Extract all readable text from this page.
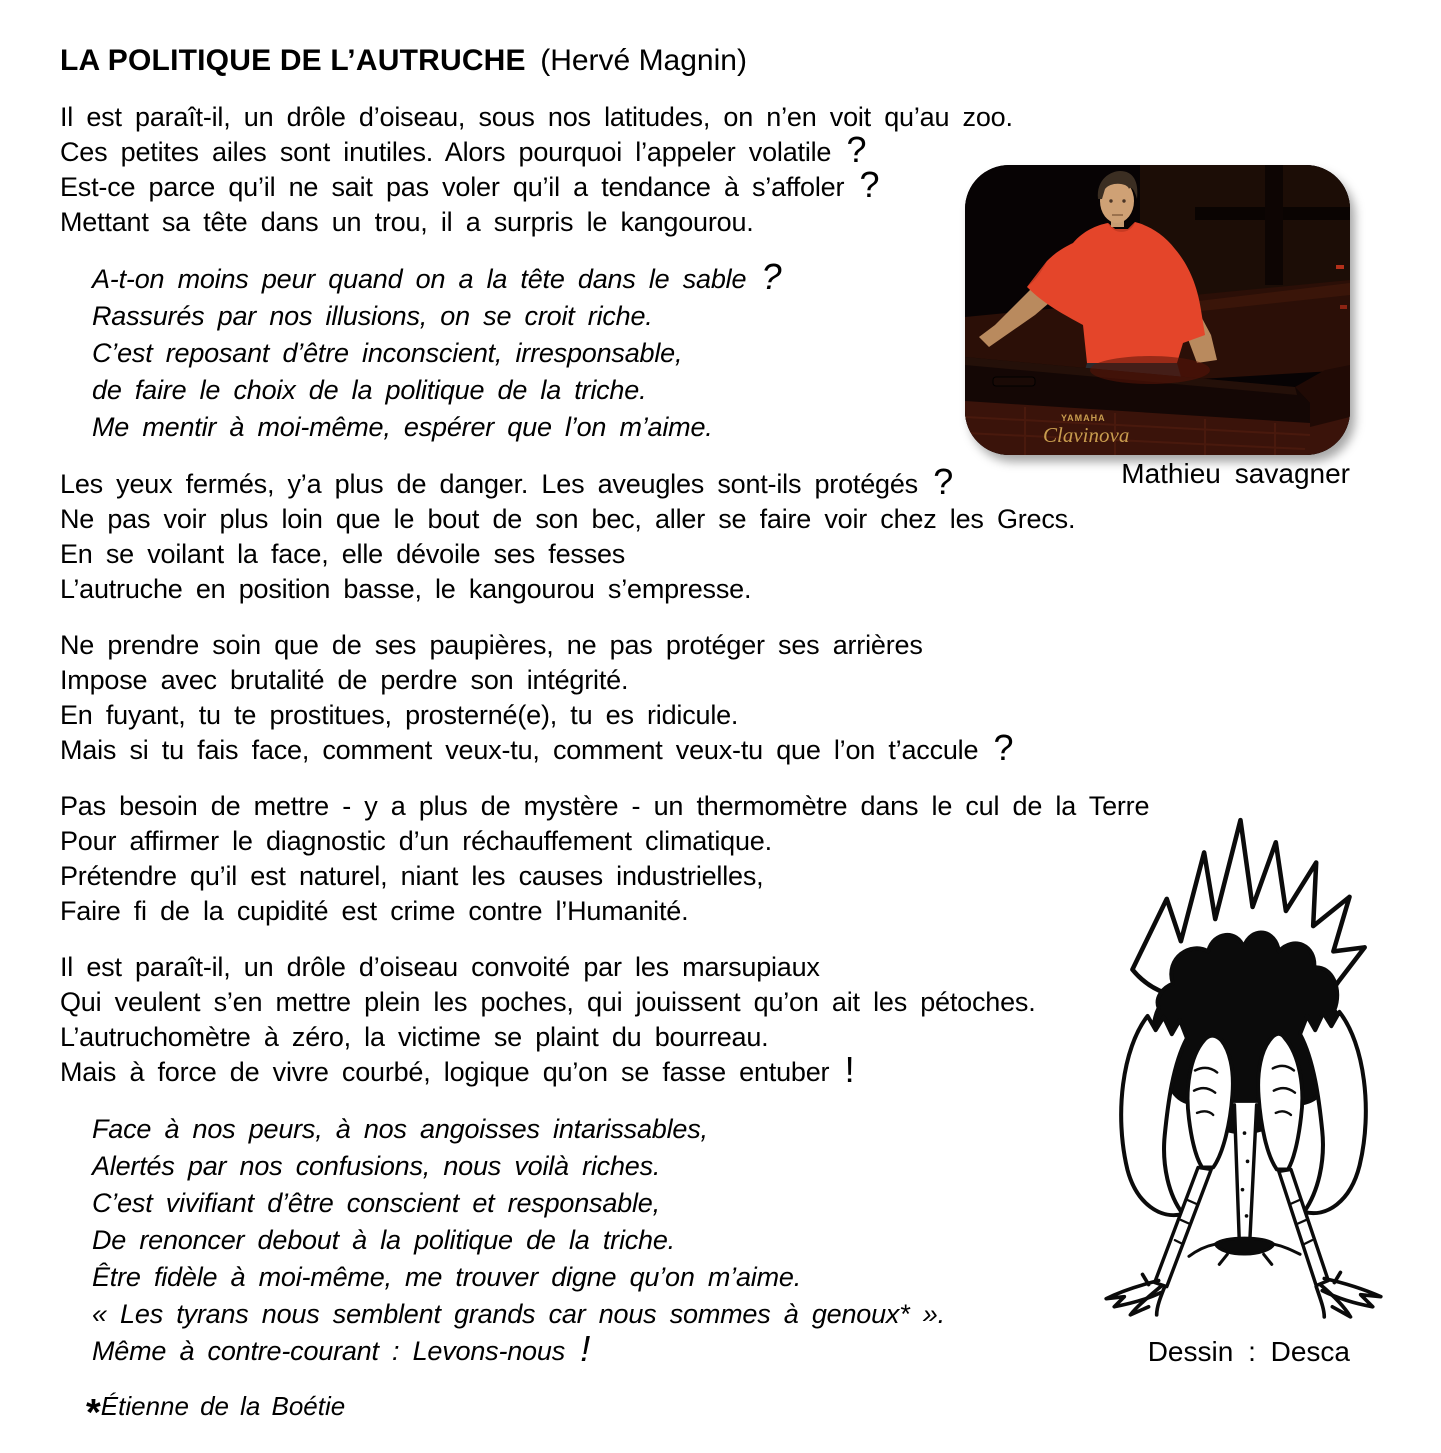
LA POLITIQUE DE L’AUTRUCHE (Hervé Magnin)
Il est paraît-il, un drôle d’oiseau, sous nos latitudes, on n’en voit qu’au zoo.
Ces petites ailes sont inutiles. Alors pourquoi l’appeler volatile ?
Est-ce parce qu’il ne sait pas voler qu’il a tendance à s’affoler ?
Mettant sa tête dans un trou, il a surpris le kangourou.
A-t-on moins peur quand on a la tête dans le sable ?
Rassurés par nos illusions, on se croit riche.
C’est reposant d’être inconscient, irresponsable,
de faire le choix de la politique de la triche.
Me mentir à moi-même, espérer que l’on m’aime.
Les yeux fermés, y’a plus de danger. Les aveugles sont-ils protégés ?
Ne pas voir plus loin que le bout de son bec, aller se faire voir chez les Grecs.
En se voilant la face, elle dévoile ses fesses
L’autruche en position basse, le kangourou s’empresse.
Ne prendre soin que de ses paupières, ne pas protéger ses arrières
Impose avec brutalité de perdre son intégrité.
En fuyant, tu te prostitues, prosterné(e), tu es ridicule.
Mais si tu fais face, comment veux-tu, comment veux-tu que l’on t’accule ?
Pas besoin de mettre - y a plus de mystère - un thermomètre dans le cul de la Terre
Pour affirmer le diagnostic d’un réchauffement climatique.
Prétendre qu’il est naturel, niant les causes industrielles,
Faire fi de la cupidité est crime contre l’Humanité.
Il est paraît-il, un drôle d’oiseau convoité par les marsupiaux
Qui veulent s’en mettre plein les poches, qui jouissent qu’on ait les pétoches.
L’autruchomètre à zéro, la victime se plaint du bourreau.
Mais à force de vivre courbé, logique qu’on se fasse entuber !
Face à nos peurs, à nos angoisses intarissables,
Alertés par nos confusions, nous voilà riches.
C’est vivifiant d’être conscient et responsable,
De renoncer debout à la politique de la triche.
Être fidèle à moi-même, me trouver digne qu’on m’aime.
« Les tyrans nous semblent grands car nous sommes à genoux* ».
Même à contre-courant : Levons-nous !
*Étienne de la Boétie
YAMAHA
Clavinova
Mathieu savagner
Dessin : Desca
